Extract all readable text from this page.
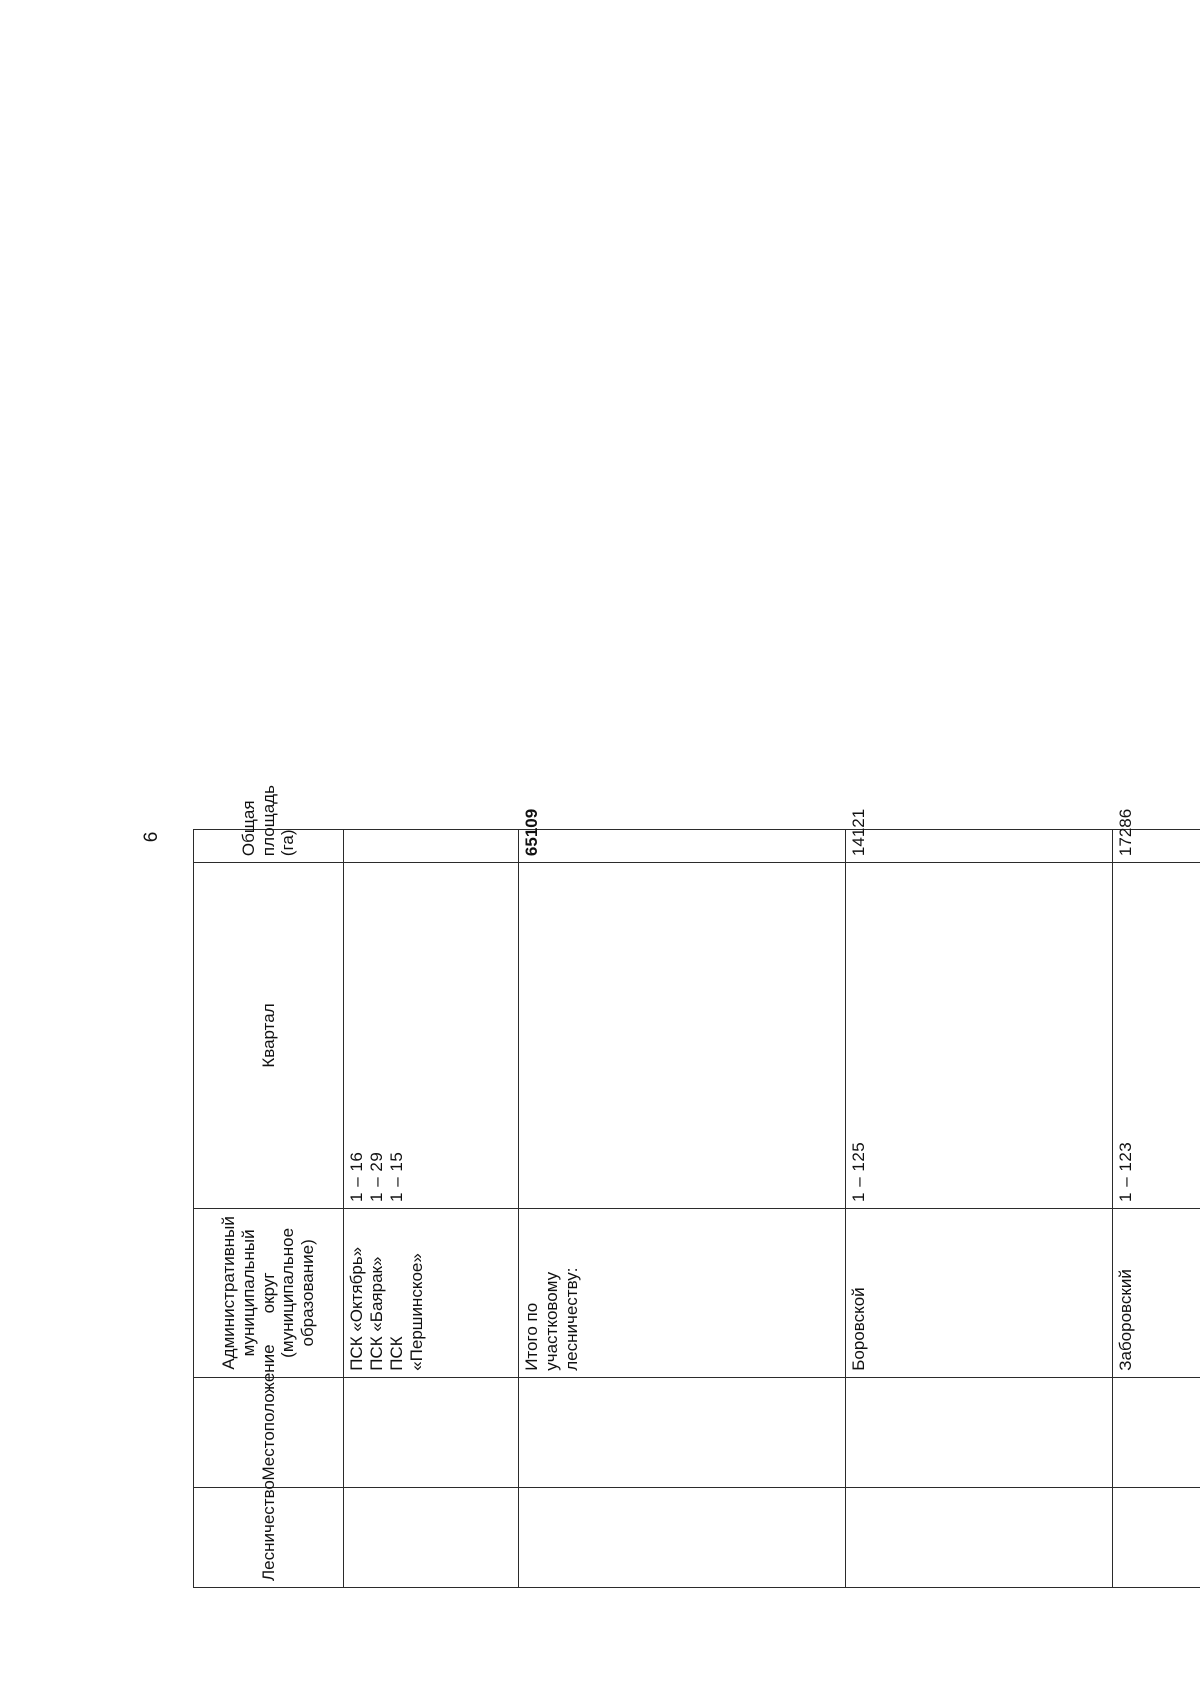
6
Лесничество	Местоположение	Административный
муниципальный округ
(муниципальное
образование)	Квартал	Общая
площадь
(га)
		ПСК «Октябрь»
ПСК «Баярак»
ПСК «Першинское»	1 – 16
1 – 29
1 – 15	
		Итого по участковому
лесничеству:		65109
		Боровской	1 – 125	14121
		Заборовский	1 – 123	17286
